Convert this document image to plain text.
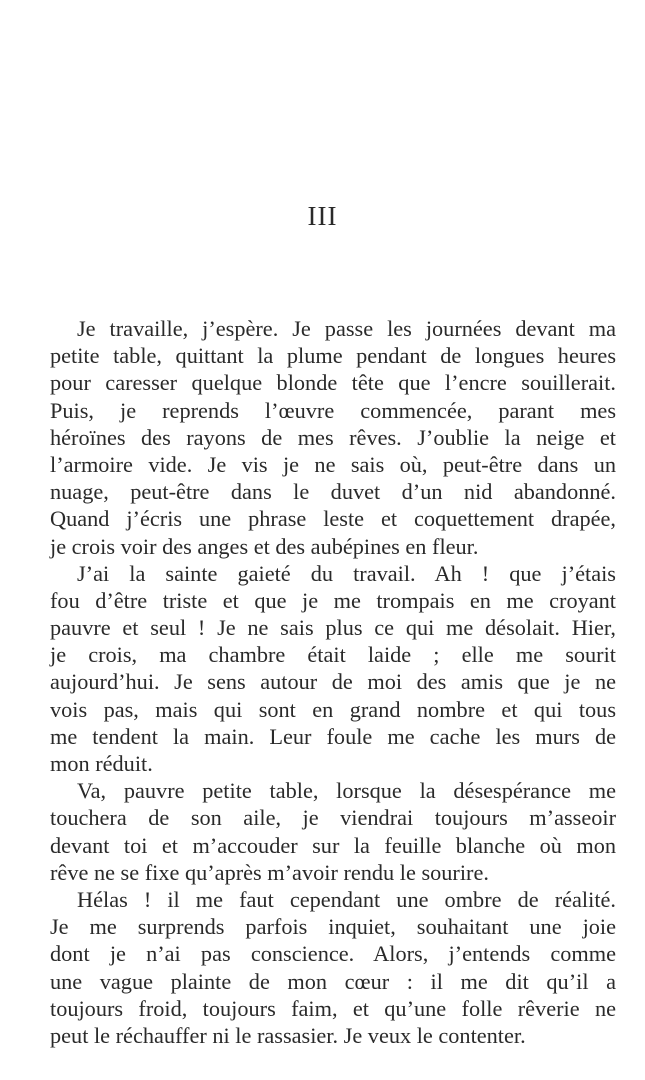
III
Je travaille, j’espère. Je passe les journées devant ma
petite table, quittant la plume pendant de longues heures
pour caresser quelque blonde tête que l’encre souillerait.
Puis, je reprends l’œuvre commencée, parant mes
héroïnes des rayons de mes rêves. J’oublie la neige et
l’armoire vide. Je vis je ne sais où, peut-être dans un
nuage, peut-être dans le duvet d’un nid abandonné.
Quand j’écris une phrase leste et coquettement drapée,
je crois voir des anges et des aubépines en fleur.
J’ai la sainte gaieté du travail. Ah ! que j’étais
fou d’être triste et que je me trompais en me croyant
pauvre et seul ! Je ne sais plus ce qui me désolait. Hier,
je crois, ma chambre était laide ; elle me sourit
aujourd’hui. Je sens autour de moi des amis que je ne
vois pas, mais qui sont en grand nombre et qui tous
me tendent la main. Leur foule me cache les murs de
mon réduit.
Va, pauvre petite table, lorsque la désespérance me
touchera de son aile, je viendrai toujours m’asseoir
devant toi et m’accouder sur la feuille blanche où mon
rêve ne se fixe qu’après m’avoir rendu le sourire.
Hélas ! il me faut cependant une ombre de réalité.
Je me surprends parfois inquiet, souhaitant une joie
dont je n’ai pas conscience. Alors, j’entends comme
une vague plainte de mon cœur : il me dit qu’il a
toujours froid, toujours faim, et qu’une folle rêverie ne
peut le réchauffer ni le rassasier. Je veux le contenter.
